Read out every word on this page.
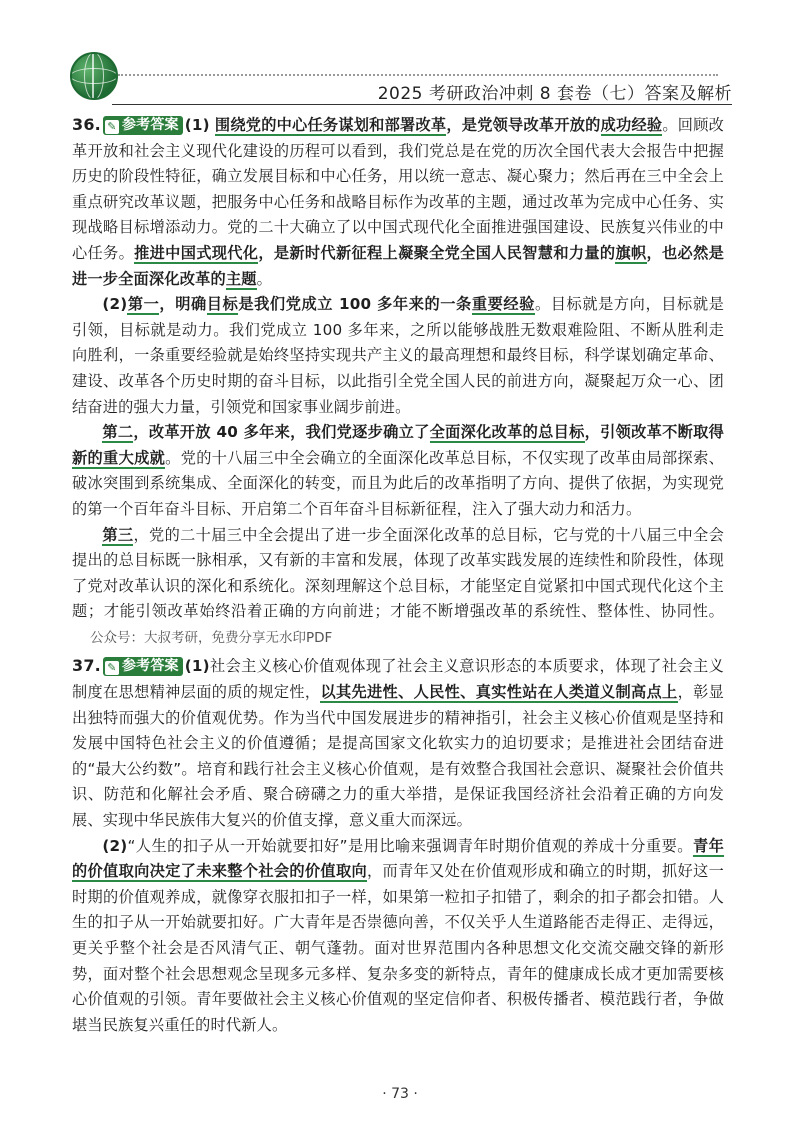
2025 考研政治冲刺 8 套卷（七）答案及解析

36. ✎ 参考答案 (1) 围绕党的中心任务谋划和部署改革，是党领导改革开放的成功经验。回顾改革开放和社会主义现代化建设的历程可以看到，我们党总是在党的历次全国代表大会报告中把握历史的阶段性特征，确立发展目标和中心任务，用以统一意志、凝心聚力；然后再在三中全会上重点研究改革议题，把服务中心任务和战略目标作为改革的主题，通过改革为完成中心任务、实现战略目标增添动力。党的二十大确立了以中国式现代化全面推进强国建设、民族复兴伟业的中心任务。推进中国式现代化，是新时代新征程上凝聚全党全国人民智慧和力量的旗帜，也必然是进一步全面深化改革的主题。

(2)第一，明确目标是我们党成立 100 多年来的一条重要经验。目标就是方向，目标就是引领，目标就是动力。我们党成立 100 多年来，之所以能够战胜无数艰难险阻、不断从胜利走向胜利，一条重要经验就是始终坚持实现共产主义的最高理想和最终目标，科学谋划确定革命、建设、改革各个历史时期的奋斗目标，以此指引全党全国人民的前进方向，凝聚起万众一心、团结奋进的强大力量，引领党和国家事业阔步前进。

第二，改革开放 40 多年来，我们党逐步确立了全面深化改革的总目标，引领改革不断取得新的重大成就。党的十八届三中全会确立的全面深化改革总目标，不仅实现了改革由局部探索、破冰突围到系统集成、全面深化的转变，而且为此后的改革指明了方向、提供了依据，为实现党的第一个百年奋斗目标、开启第二个百年奋斗目标新征程，注入了强大动力和活力。

第三，党的二十届三中全会提出了进一步全面深化改革的总目标，它与党的十八届三中全会提出的总目标既一脉相承，又有新的丰富和发展，体现了改革实践发展的连续性和阶段性，体现了党对改革认识的深化和系统化。深刻理解这个总目标，才能坚定自觉紧扣中国式现代化这个主题；才能引领改革始终沿着正确的方向前进；才能不断增强改革的系统性、整体性、协同性。公众号：大叔考研，免费分享无水印PDF

37. ✎ 参考答案 (1)社会主义核心价值观体现了社会主义意识形态的本质要求，体现了社会主义制度在思想精神层面的质的规定性，以其先进性、人民性、真实性站在人类道义制高点上，彰显出独特而强大的价值观优势。作为当代中国发展进步的精神指引，社会主义核心价值观是坚持和发展中国特色社会主义的价值遵循；是提高国家文化软实力的迫切要求；是推进社会团结奋进的“最大公约数”。培育和践行社会主义核心价值观，是有效整合我国社会意识、凝聚社会价值共识、防范和化解社会矛盾、聚合磅礴之力的重大举措，是保证我国经济社会沿着正确的方向发展、实现中华民族伟大复兴的价值支撑，意义重大而深远。

(2)“人生的扣子从一开始就要扣好”是用比喻来强调青年时期价值观的养成十分重要。青年的价值取向决定了未来整个社会的价值取向，而青年又处在价值观形成和确立的时期，抓好这一时期的价值观养成，就像穿衣服扣扣子一样，如果第一粒扣子扣错了，剩余的扣子都会扣错。人生的扣子从一开始就要扣好。广大青年是否崇德向善，不仅关乎人生道路能否走得正、走得远，更关乎整个社会是否风清气正、朝气蓬勃。面对世界范围内各种思想文化交流交融交锋的新形势，面对整个社会思想观念呈现多元多样、复杂多变的新特点，青年的健康成长成才更加需要核心价值观的引领。青年要做社会主义核心价值观的坚定信仰者、积极传播者、模范践行者，争做堪当民族复兴重任的时代新人。

· 73 ·
